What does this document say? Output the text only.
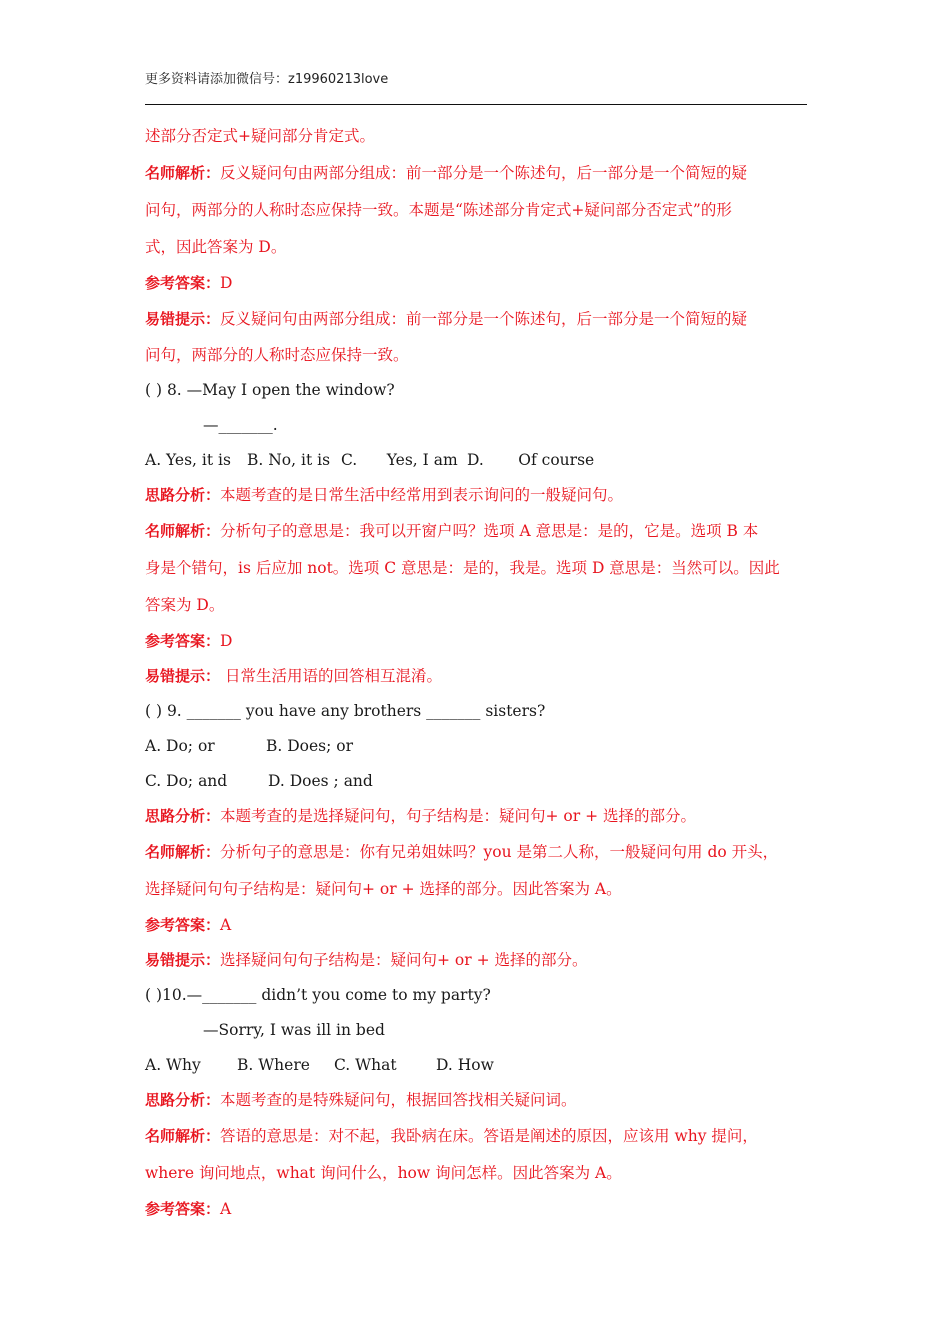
更多资料请添加微信号：z19960213love
述部分否定式+疑问部分肯定式。
名师解析：反义疑问句由两部分组成：前一部分是一个陈述句，后一部分是一个简短的疑
问句，两部分的人称时态应保持一致。本题是“陈述部分肯定式+疑问部分否定式”的形
式，因此答案为 D。
参考答案：D
易错提示：反义疑问句由两部分组成：前一部分是一个陈述句，后一部分是一个简短的疑
问句，两部分的人称时态应保持一致。
( ) 8. —May I open the window?
—_______.
A. Yes, it is B. No, it is C.      Yes, I am D.       Of course
思路分析：本题考查的是日常生活中经常用到表示询问的一般疑问句。
名师解析：分析句子的意思是：我可以开窗户吗？选项 A 意思是：是的，它是。选项 B 本
身是个错句，is 后应加 not。选项 C 意思是：是的，我是。选项 D 意思是：当然可以。因此
答案为 D。
参考答案：D
易错提示： 日常生活用语的回答相互混淆。
( ) 9. _______ you have any brothers _______ sisters?
A. Do; or	B. Does; or
C. Do; and	D. Does ; and
思路分析：本题考查的是选择疑问句，句子结构是：疑问句+ or + 选择的部分。
名师解析：分析句子的意思是：你有兄弟姐妹吗？you 是第二人称，一般疑问句用 do 开头，
选择疑问句句子结构是：疑问句+ or + 选择的部分。因此答案为 A。
参考答案：A
易错提示：选择疑问句句子结构是：疑问句+ or + 选择的部分。
( )10.—_______ didn’t you come to my party?
—Sorry, I was ill in bed
A. Why B. Where C. What	D. How
思路分析：本题考查的是特殊疑问句，根据回答找相关疑问词。
名师解析：答语的意思是：对不起，我卧病在床。答语是阐述的原因，应该用 why 提问，
where 询问地点，what 询问什么，how 询问怎样。因此答案为 A。
参考答案：A
